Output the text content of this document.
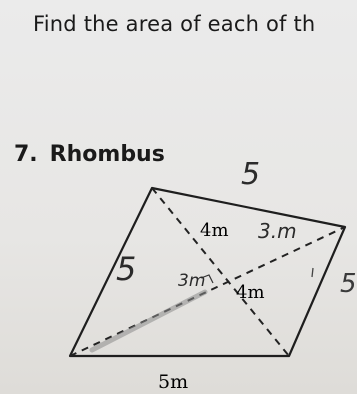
Find the area of each of th
7. Rhombus
4m
4m
5m
5
5	5
3.m
3m
